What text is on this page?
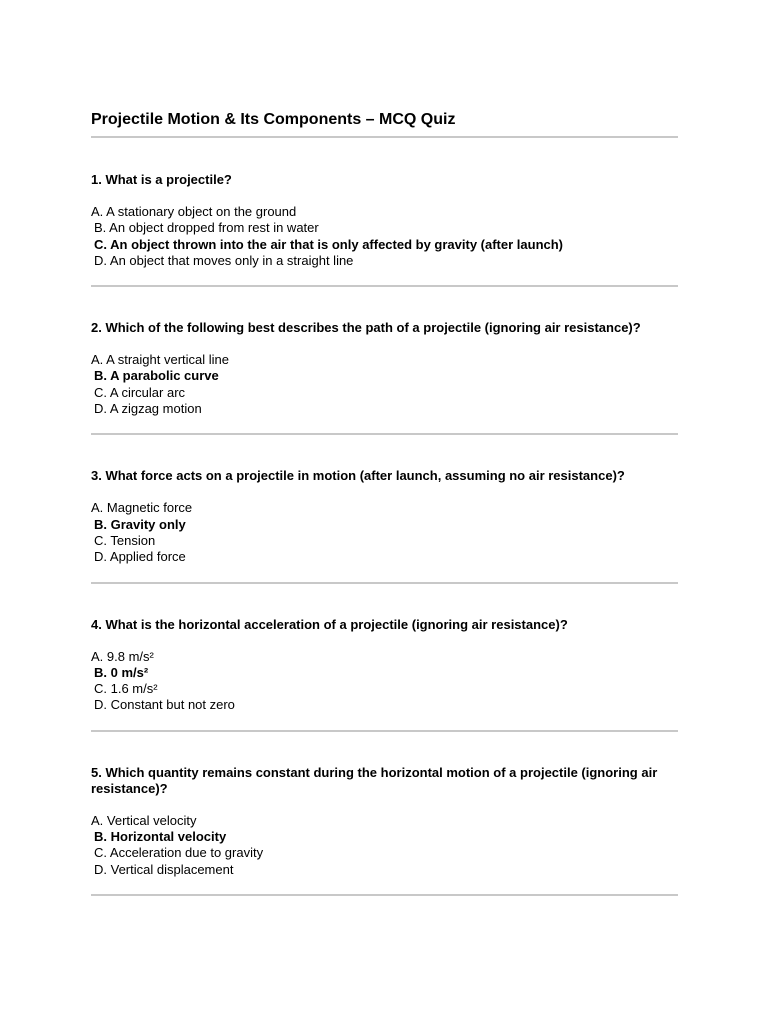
Projectile Motion & Its Components – MCQ Quiz

1. What is a projectile?

A. A stationary object on the ground
B. An object dropped from rest in water
C. An object thrown into the air that is only affected by gravity (after launch)
D. An object that moves only in a straight line

2. Which of the following best describes the path of a projectile (ignoring air resistance)?

A. A straight vertical line
B. A parabolic curve
C. A circular arc
D. A zigzag motion

3. What force acts on a projectile in motion (after launch, assuming no air resistance)?

A. Magnetic force
B. Gravity only
C. Tension
D. Applied force

4. What is the horizontal acceleration of a projectile (ignoring air resistance)?

A. 9.8 m/s²
B. 0 m/s²
C. 1.6 m/s²
D. Constant but not zero

5. Which quantity remains constant during the horizontal motion of a projectile (ignoring air resistance)?

A. Vertical velocity
B. Horizontal velocity
C. Acceleration due to gravity
D. Vertical displacement
